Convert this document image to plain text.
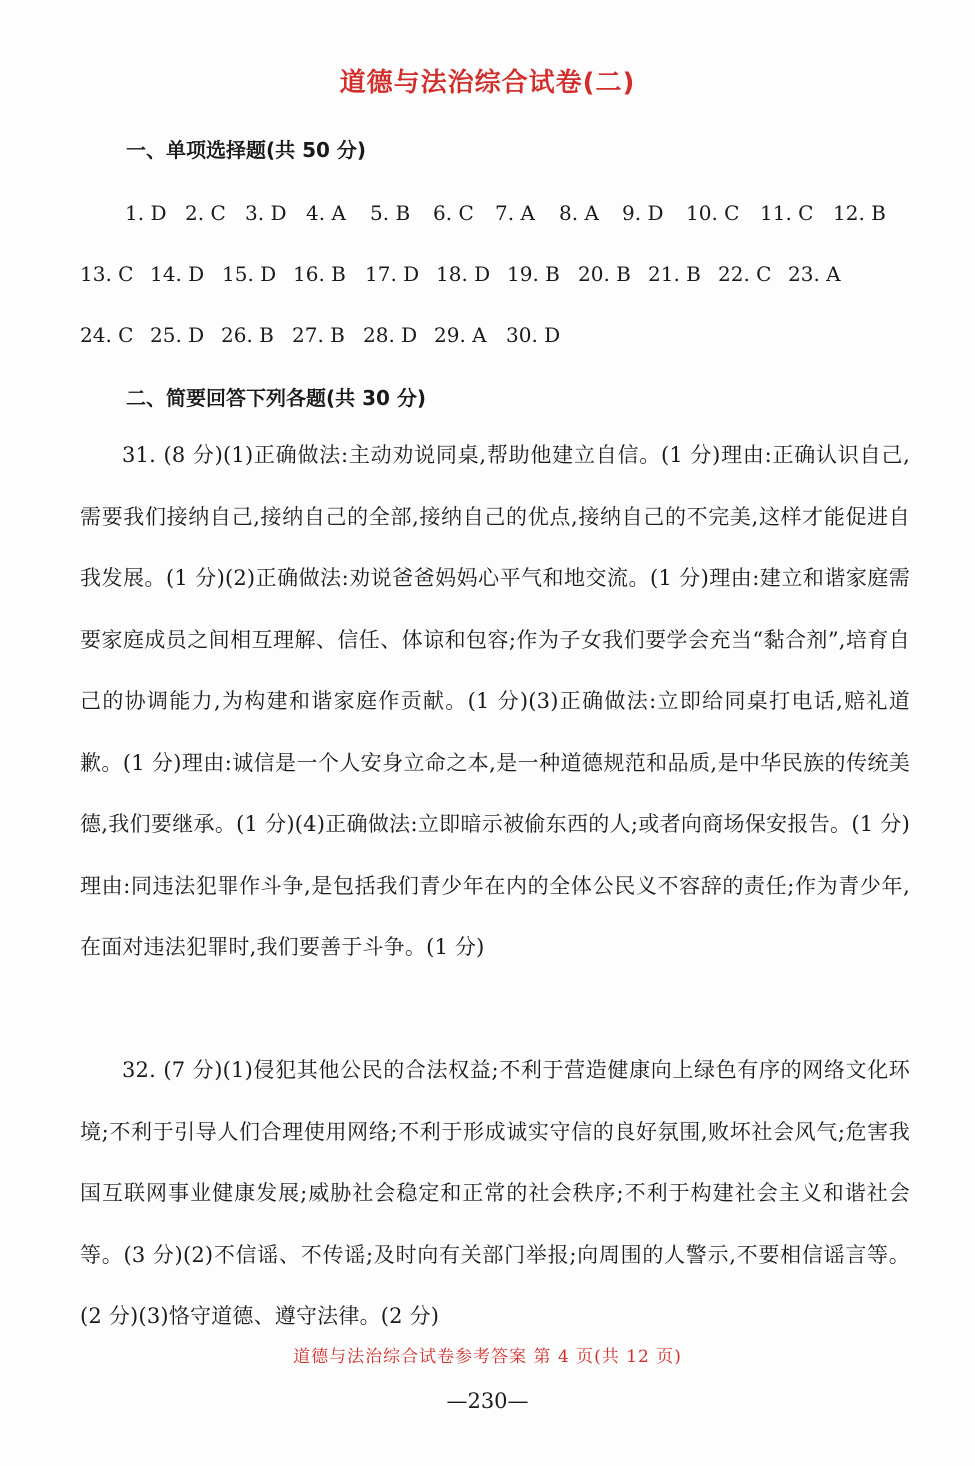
道德与法治综合试卷(二)
一、单项选择题(共 50 分)
1. D 2. C 3. D 4. A 5. B 6. C 7. A 8. A 9. D 10. C 11. C 12. B
13. C 14. D 15. D 16. B 17. D 18. D 19. B 20. B 21. B 22. C 23. A
24. C 25. D 26. B 27. B 28. D 29. A 30. D
二、简要回答下列各题(共 30 分)
31. (8 分)(1)正确做法:主动劝说同桌,帮助他建立自信。(1 分)理由:正确认识自己,需要我们接纳自己,接纳自己的全部,接纳自己的优点,接纳自己的不完美,这样才能促进自我发展。(1 分)(2)正确做法:劝说爸爸妈妈心平气和地交流。(1 分)理由:建立和谐家庭需要家庭成员之间相互理解、信任、体谅和包容;作为子女我们要学会充当“黏合剂”,培育自己的协调能力,为构建和谐家庭作贡献。(1 分)(3)正确做法:立即给同桌打电话,赔礼道歉。(1 分)理由:诚信是一个人安身立命之本,是一种道德规范和品质,是中华民族的传统美德,我们要继承。(1 分)(4)正确做法:立即暗示被偷东西的人;或者向商场保安报告。(1 分)理由:同违法犯罪作斗争,是包括我们青少年在内的全体公民义不容辞的责任;作为青少年,在面对违法犯罪时,我们要善于斗争。(1 分)
32. (7 分)(1)侵犯其他公民的合法权益;不利于营造健康向上绿色有序的网络文化环境;不利于引导人们合理使用网络;不利于形成诚实守信的良好氛围,败坏社会风气;危害我国互联网事业健康发展;威胁社会稳定和正常的社会秩序;不利于构建社会主义和谐社会等。(3 分)(2)不信谣、不传谣;及时向有关部门举报;向周围的人警示,不要相信谣言等。(2 分)(3)恪守道德、遵守法律。(2 分)
道德与法治综合试卷参考答案 第 4 页(共 12 页)
—230—
